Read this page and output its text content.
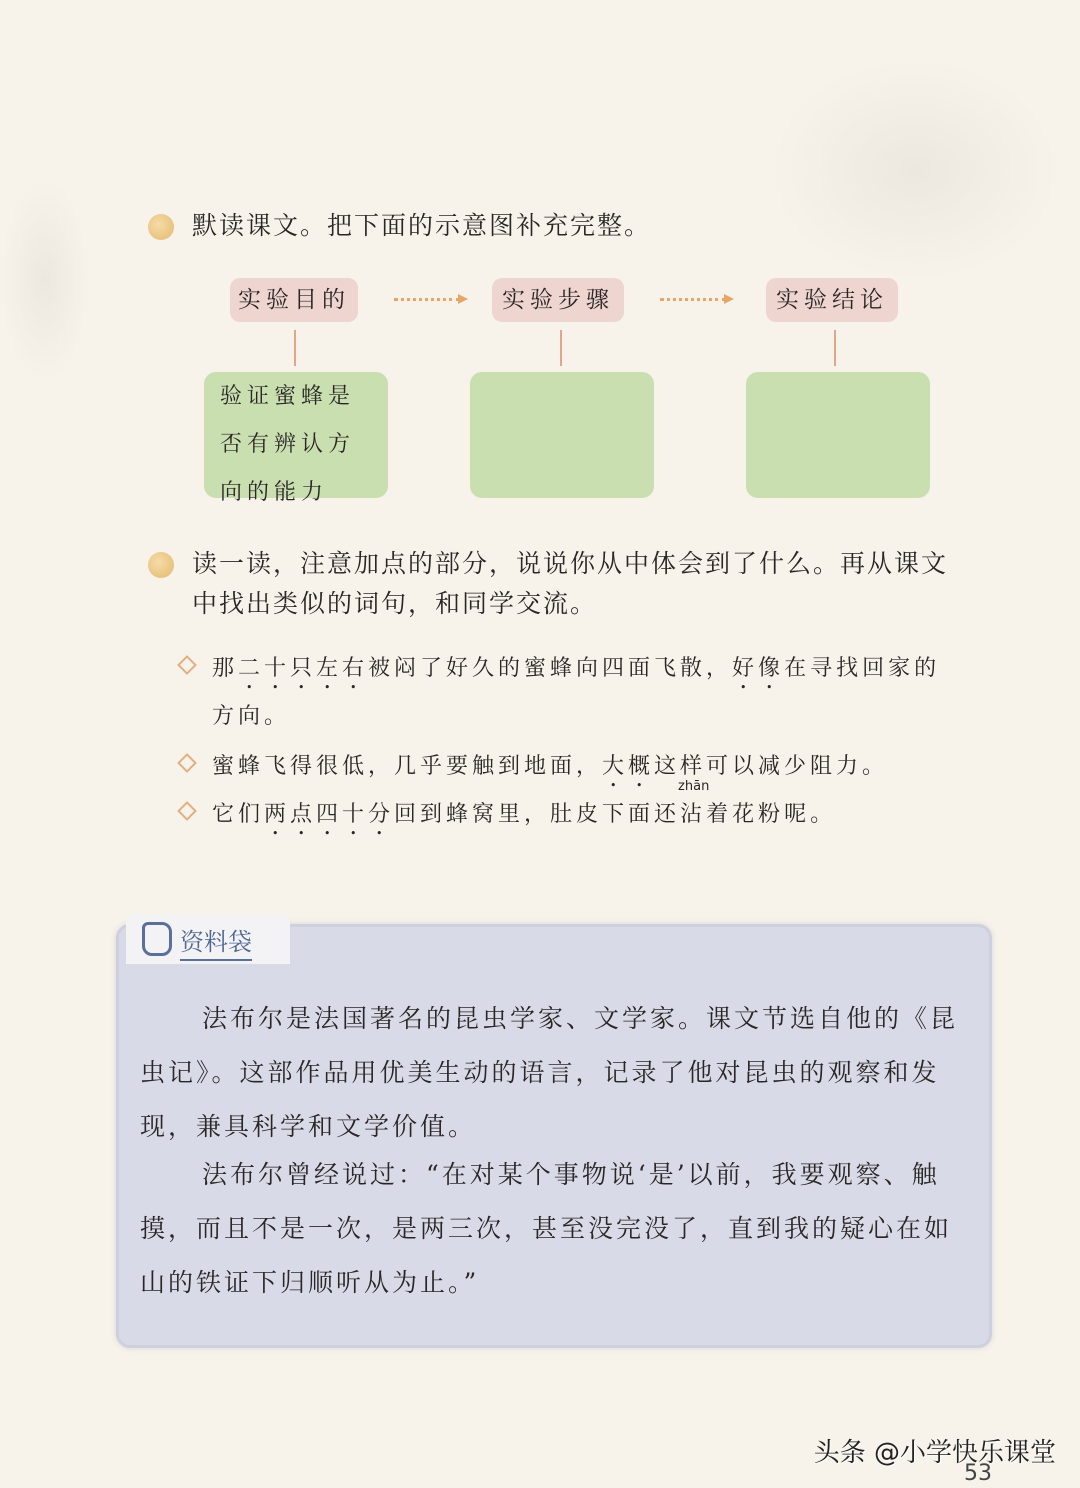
默读课文。把下面的示意图补充完整。
实验目的	实验步骤	实验结论
验证蜜蜂是
否有辨认方
向的能力
读一读，注意加点的部分，说说你从中体会到了什么。再从课文中找出类似的词句，和同学交流。
那二十只左右被闷了好久的蜜蜂向四面飞散，好像在寻找回家的方向。
蜜蜂飞得很低，几乎要触到地面，大概这样可以减少阻力。
它们两点四十分回到蜂窝里，肚皮下面还
zhān
沾着花粉呢。
资料袋
法布尔是法国著名的昆虫学家、文学家。课文节选自他的《昆虫记》。这部作品用优美生动的语言，记录了他对昆虫的观察和发现，兼具科学和文学价值。
法布尔曾经说过：“在对某个事物说‘是’以前，我要观察、触摸，而且不是一次，是两三次，甚至没完没了，直到我的疑心在如山的铁证下归顺听从为止。”
头条 @小学快乐课堂
53
